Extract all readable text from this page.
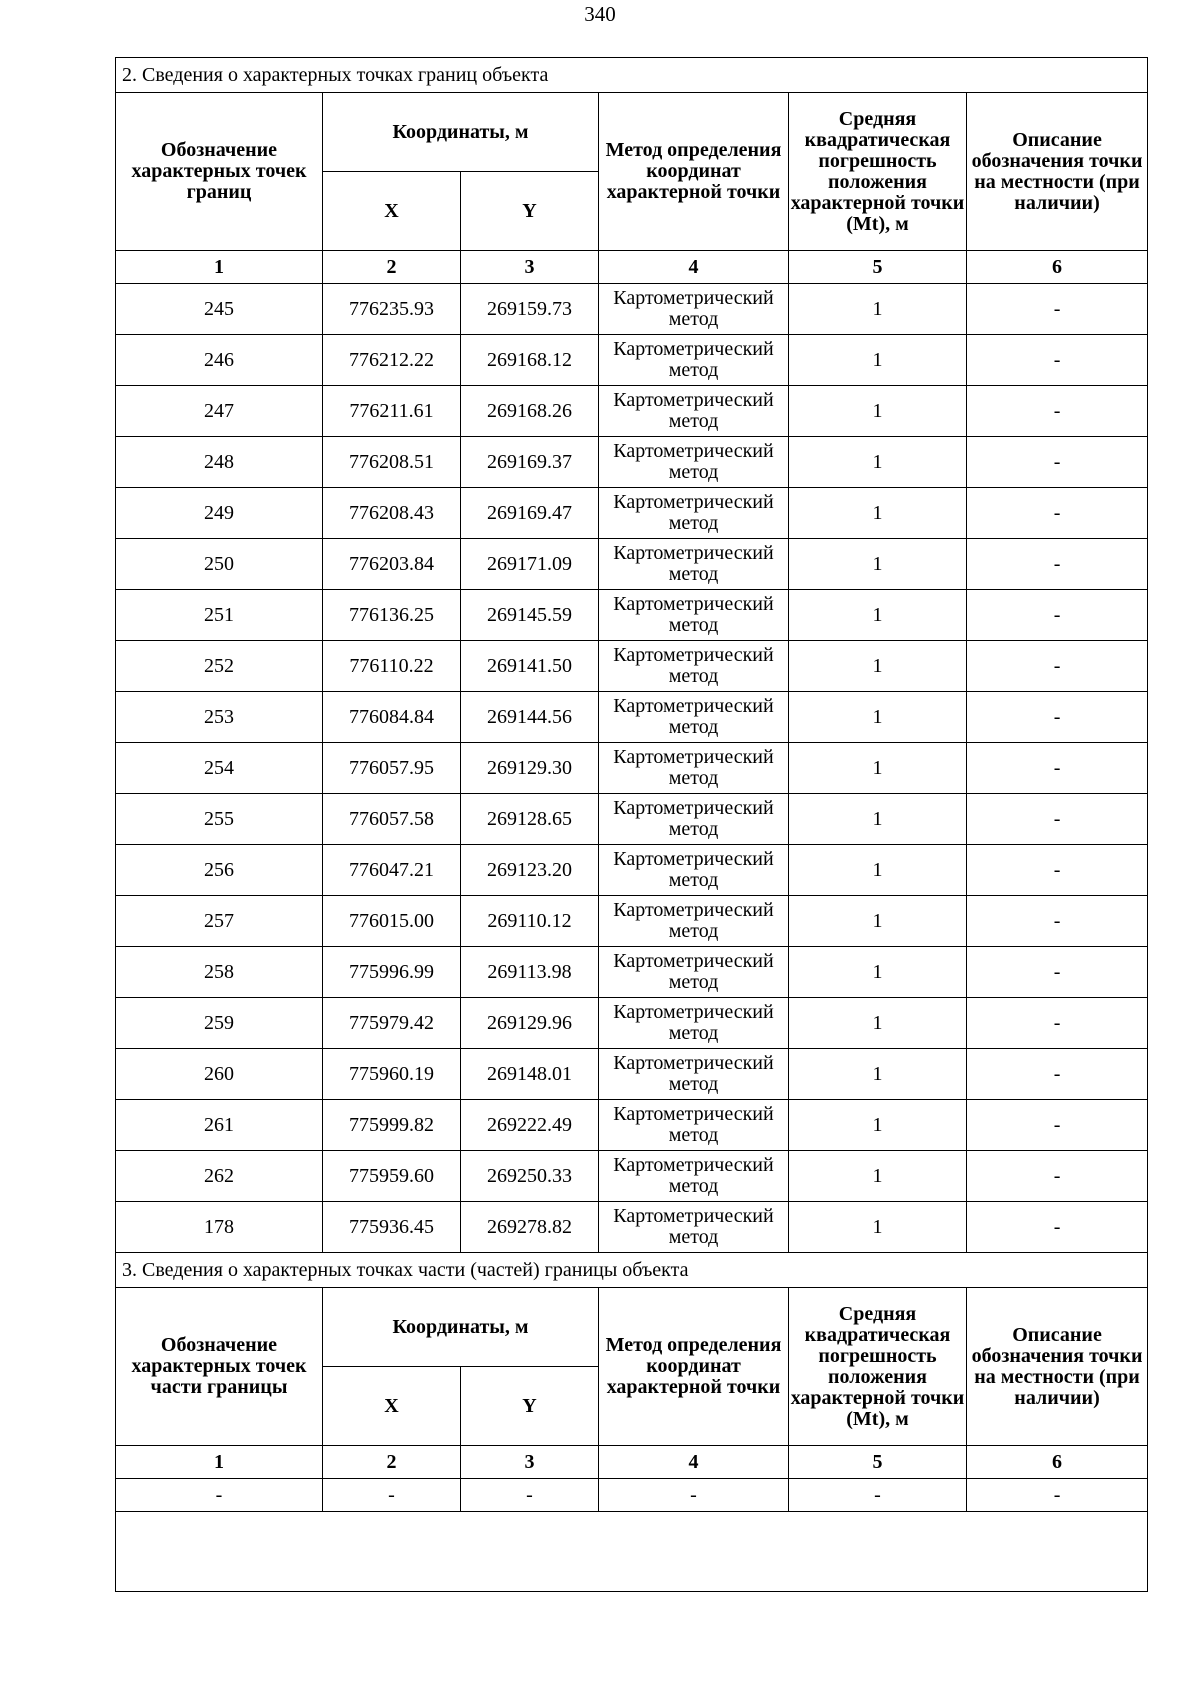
340
2. Сведения о характерных точках границ объекта					
Обозначение характерных точек границ	Координаты, м		Метод определения координат характерной точки	Средняя квадратическая погрешность положения характерной точки (Mt), м	Описание обозначения точки на местности (при наличии)
	X	Y			
1	2	3	4	5	6
245	776235.93	269159.73	Картометрический метод	1	-
246	776212.22	269168.12	Картометрический метод	1	-
247	776211.61	269168.26	Картометрический метод	1	-
248	776208.51	269169.37	Картометрический метод	1	-
249	776208.43	269169.47	Картометрический метод	1	-
250	776203.84	269171.09	Картометрический метод	1	-
251	776136.25	269145.59	Картометрический метод	1	-
252	776110.22	269141.50	Картометрический метод	1	-
253	776084.84	269144.56	Картометрический метод	1	-
254	776057.95	269129.30	Картометрический метод	1	-
255	776057.58	269128.65	Картометрический метод	1	-
256	776047.21	269123.20	Картометрический метод	1	-
257	776015.00	269110.12	Картометрический метод	1	-
258	775996.99	269113.98	Картометрический метод	1	-
259	775979.42	269129.96	Картометрический метод	1	-
260	775960.19	269148.01	Картометрический метод	1	-
261	775999.82	269222.49	Картометрический метод	1	-
262	775959.60	269250.33	Картометрический метод	1	-
178	775936.45	269278.82	Картометрический метод	1	-
3. Сведения о характерных точках части (частей) границы объекта					
Обозначение характерных точек части границы	Координаты, м		Метод определения координат характерной точки	Средняя квадратическая погрешность положения характерной точки (Mt), м	Описание обозначения точки на местности (при наличии)
	X	Y			
1	2	3	4	5	6
-	-	-	-	-	-
